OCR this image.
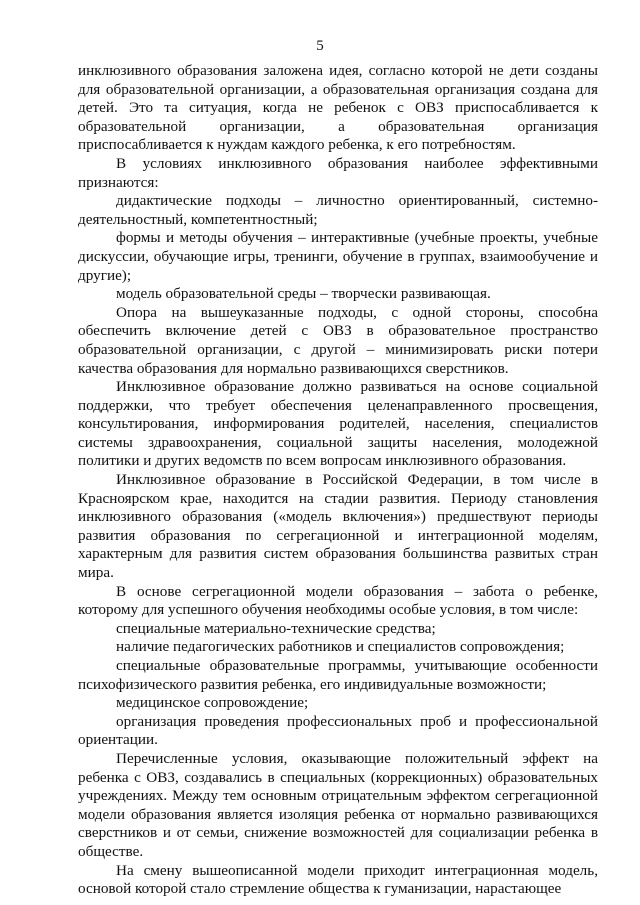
5

инклюзивного образования заложена идея, согласно которой не дети созданы для образовательной организации, а образовательная организация создана для детей. Это та ситуация, когда не ребенок с ОВЗ приспосабливается к образовательной организации, а образовательная организация приспосабливается к нуждам каждого ребенка, к его потребностям.

В условиях инклюзивного образования наиболее эффективными признаются:

дидактические подходы – личностно ориентированный, системно-деятельностный, компетентностный;

формы и методы обучения – интерактивные (учебные проекты, учебные дискуссии, обучающие игры, тренинги, обучение в группах, взаимообучение и другие);

модель образовательной среды – творчески развивающая.

Опора на вышеуказанные подходы, с одной стороны, способна обеспечить включение детей с ОВЗ в образовательное пространство образовательной организации, с другой – минимизировать риски потери качества образования для нормально развивающихся сверстников.

Инклюзивное образование должно развиваться на основе социальной поддержки, что требует обеспечения целенаправленного просвещения, консультирования, информирования родителей, населения, специалистов системы здравоохранения, социальной защиты населения, молодежной политики и других ведомств по всем вопросам инклюзивного образования.

Инклюзивное образование в Российской Федерации, в том числе в Красноярском крае, находится на стадии развития. Периоду становления инклюзивного образования («модель включения») предшествуют периоды развития образования по сегрегационной и интеграционной моделям, характерным для развития систем образования большинства развитых стран мира.

В основе сегрегационной модели образования – забота о ребенке, которому для успешного обучения необходимы особые условия, в том числе:

специальные материально-технические средства;

наличие педагогических работников и специалистов сопровождения;

специальные образовательные программы, учитывающие особенности психофизического развития ребенка, его индивидуальные возможности;

медицинское сопровождение;

организация проведения профессиональных проб и профессиональной ориентации.

Перечисленные условия, оказывающие положительный эффект на ребенка с ОВЗ, создавались в специальных (коррекционных) образовательных учреждениях. Между тем основным отрицательным эффектом сегрегационной модели образования является изоляция ребенка от нормально развивающихся сверстников и от семьи, снижение возможностей для социализации ребенка в обществе.

На смену вышеописанной модели приходит интеграционная модель, основой которой стало стремление общества к гуманизации, нарастающее
